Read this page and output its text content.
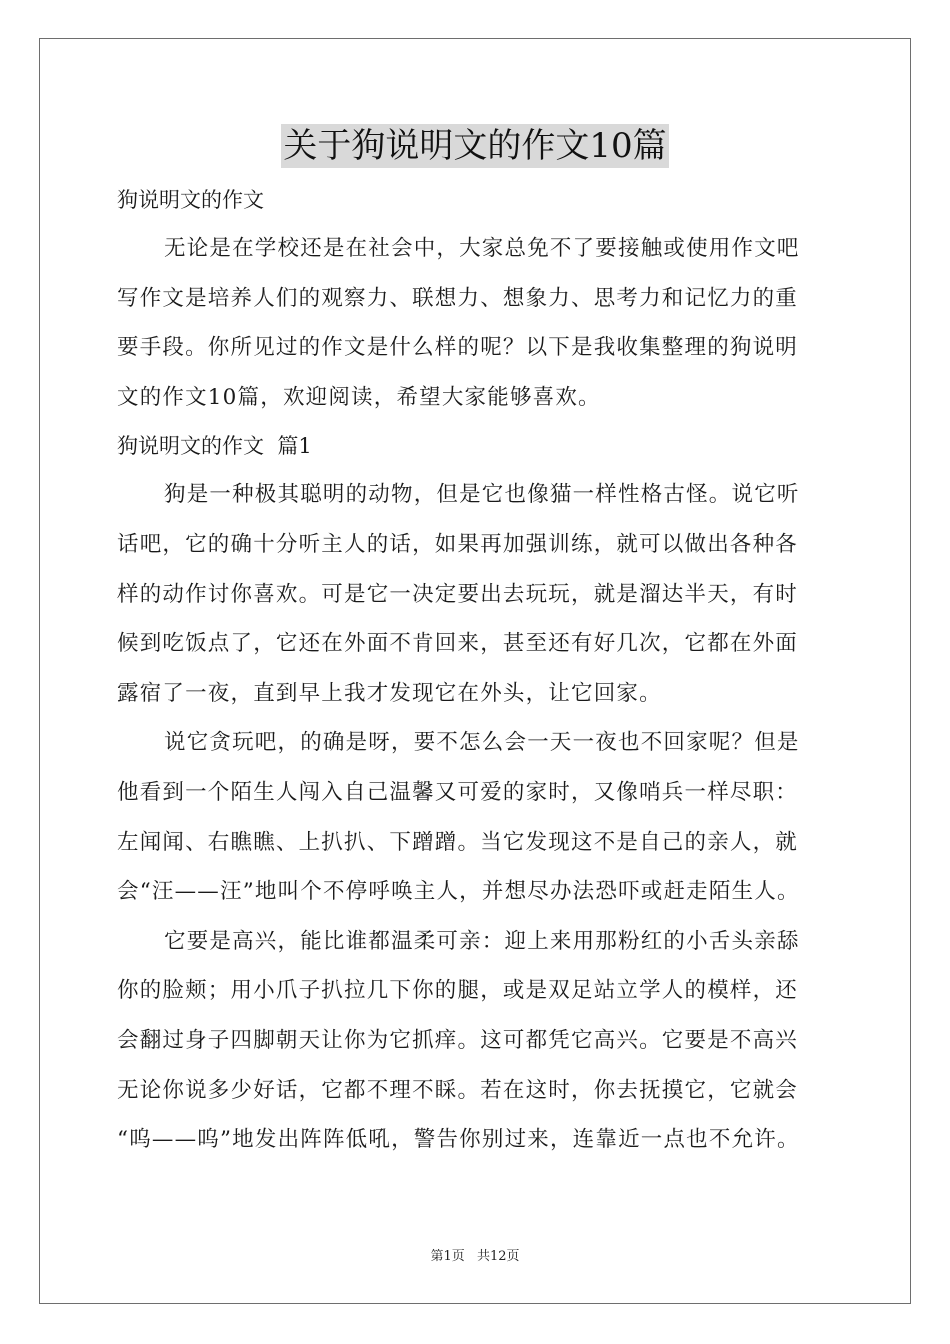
关于狗说明文的作文10篇
狗说明文的作文
无论是在学校还是在社会中，大家总免不了要接触或使用作文吧
写作文是培养人们的观察力、联想力、想象力、思考力和记忆力的重
要手段。你所见过的作文是什么样的呢？以下是我收集整理的狗说明
文的作文10篇，欢迎阅读，希望大家能够喜欢。
狗说明文的作文  篇1
狗是一种极其聪明的动物，但是它也像猫一样性格古怪。说它听
话吧，它的确十分听主人的话，如果再加强训练，就可以做出各种各
样的动作讨你喜欢。可是它一决定要出去玩玩，就是溜达半天，有时
候到吃饭点了，它还在外面不肯回来，甚至还有好几次，它都在外面
露宿了一夜，直到早上我才发现它在外头，让它回家。
说它贪玩吧，的确是呀，要不怎么会一天一夜也不回家呢？但是
他看到一个陌生人闯入自己温馨又可爱的家时，又像哨兵一样尽职：
左闻闻、右瞧瞧、上扒扒、下蹭蹭。当它发现这不是自己的亲人，就
会“汪——汪”地叫个不停呼唤主人，并想尽办法恐吓或赶走陌生人。
它要是高兴，能比谁都温柔可亲：迎上来用那粉红的小舌头亲舔
你的脸颊；用小爪子扒拉几下你的腿，或是双足站立学人的模样，还
会翻过身子四脚朝天让你为它抓痒。这可都凭它高兴。它要是不高兴
无论你说多少好话，它都不理不睬。若在这时，你去抚摸它，它就会
“呜——呜”地发出阵阵低吼，警告你别过来，连靠近一点也不允许。
第1页 共12页
